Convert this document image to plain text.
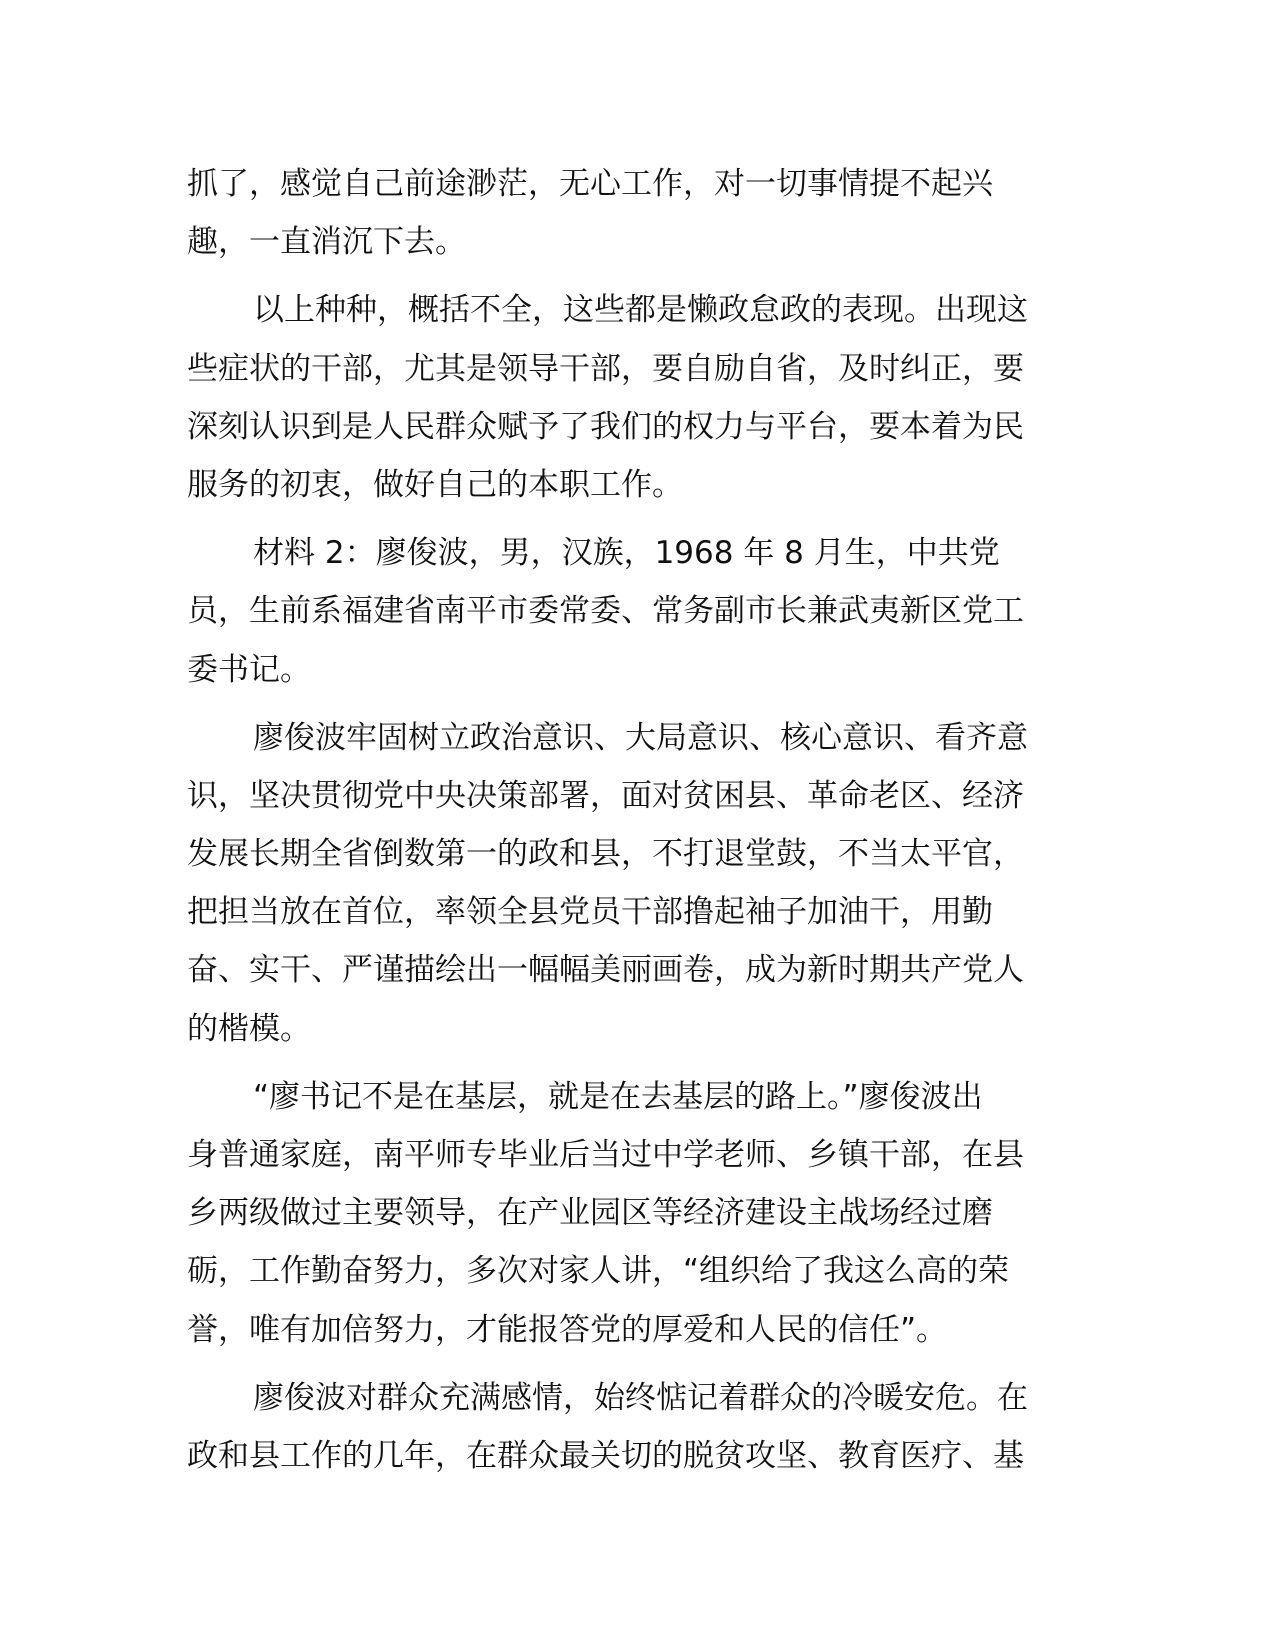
抓了，感觉自己前途渺茫，无心工作，对一切事情提不起兴
趣，一直消沉下去。

以上种种，概括不全，这些都是懒政怠政的表现。出现这
些症状的干部，尤其是领导干部，要自励自省，及时纠正，要
深刻认识到是人民群众赋予了我们的权力与平台，要本着为民
服务的初衷，做好自己的本职工作。

材料 2：廖俊波，男，汉族，1968 年 8 月生，中共党
员，生前系福建省南平市委常委、常务副市长兼武夷新区党工
委书记。

廖俊波牢固树立政治意识、大局意识、核心意识、看齐意
识，坚决贯彻党中央决策部署，面对贫困县、革命老区、经济
发展长期全省倒数第一的政和县，不打退堂鼓，不当太平官，
把担当放在首位，率领全县党员干部撸起袖子加油干，用勤
奋、实干、严谨描绘出一幅幅美丽画卷，成为新时期共产党人
的楷模。

“廖书记不是在基层，就是在去基层的路上。”廖俊波出
身普通家庭，南平师专毕业后当过中学老师、乡镇干部，在县
乡两级做过主要领导，在产业园区等经济建设主战场经过磨
砺，工作勤奋努力，多次对家人讲，“组织给了我这么高的荣
誉，唯有加倍努力，才能报答党的厚爱和人民的信任”。

廖俊波对群众充满感情，始终惦记着群众的冷暖安危。在
政和县工作的几年，在群众最关切的脱贫攻坚、教育医疗、基
